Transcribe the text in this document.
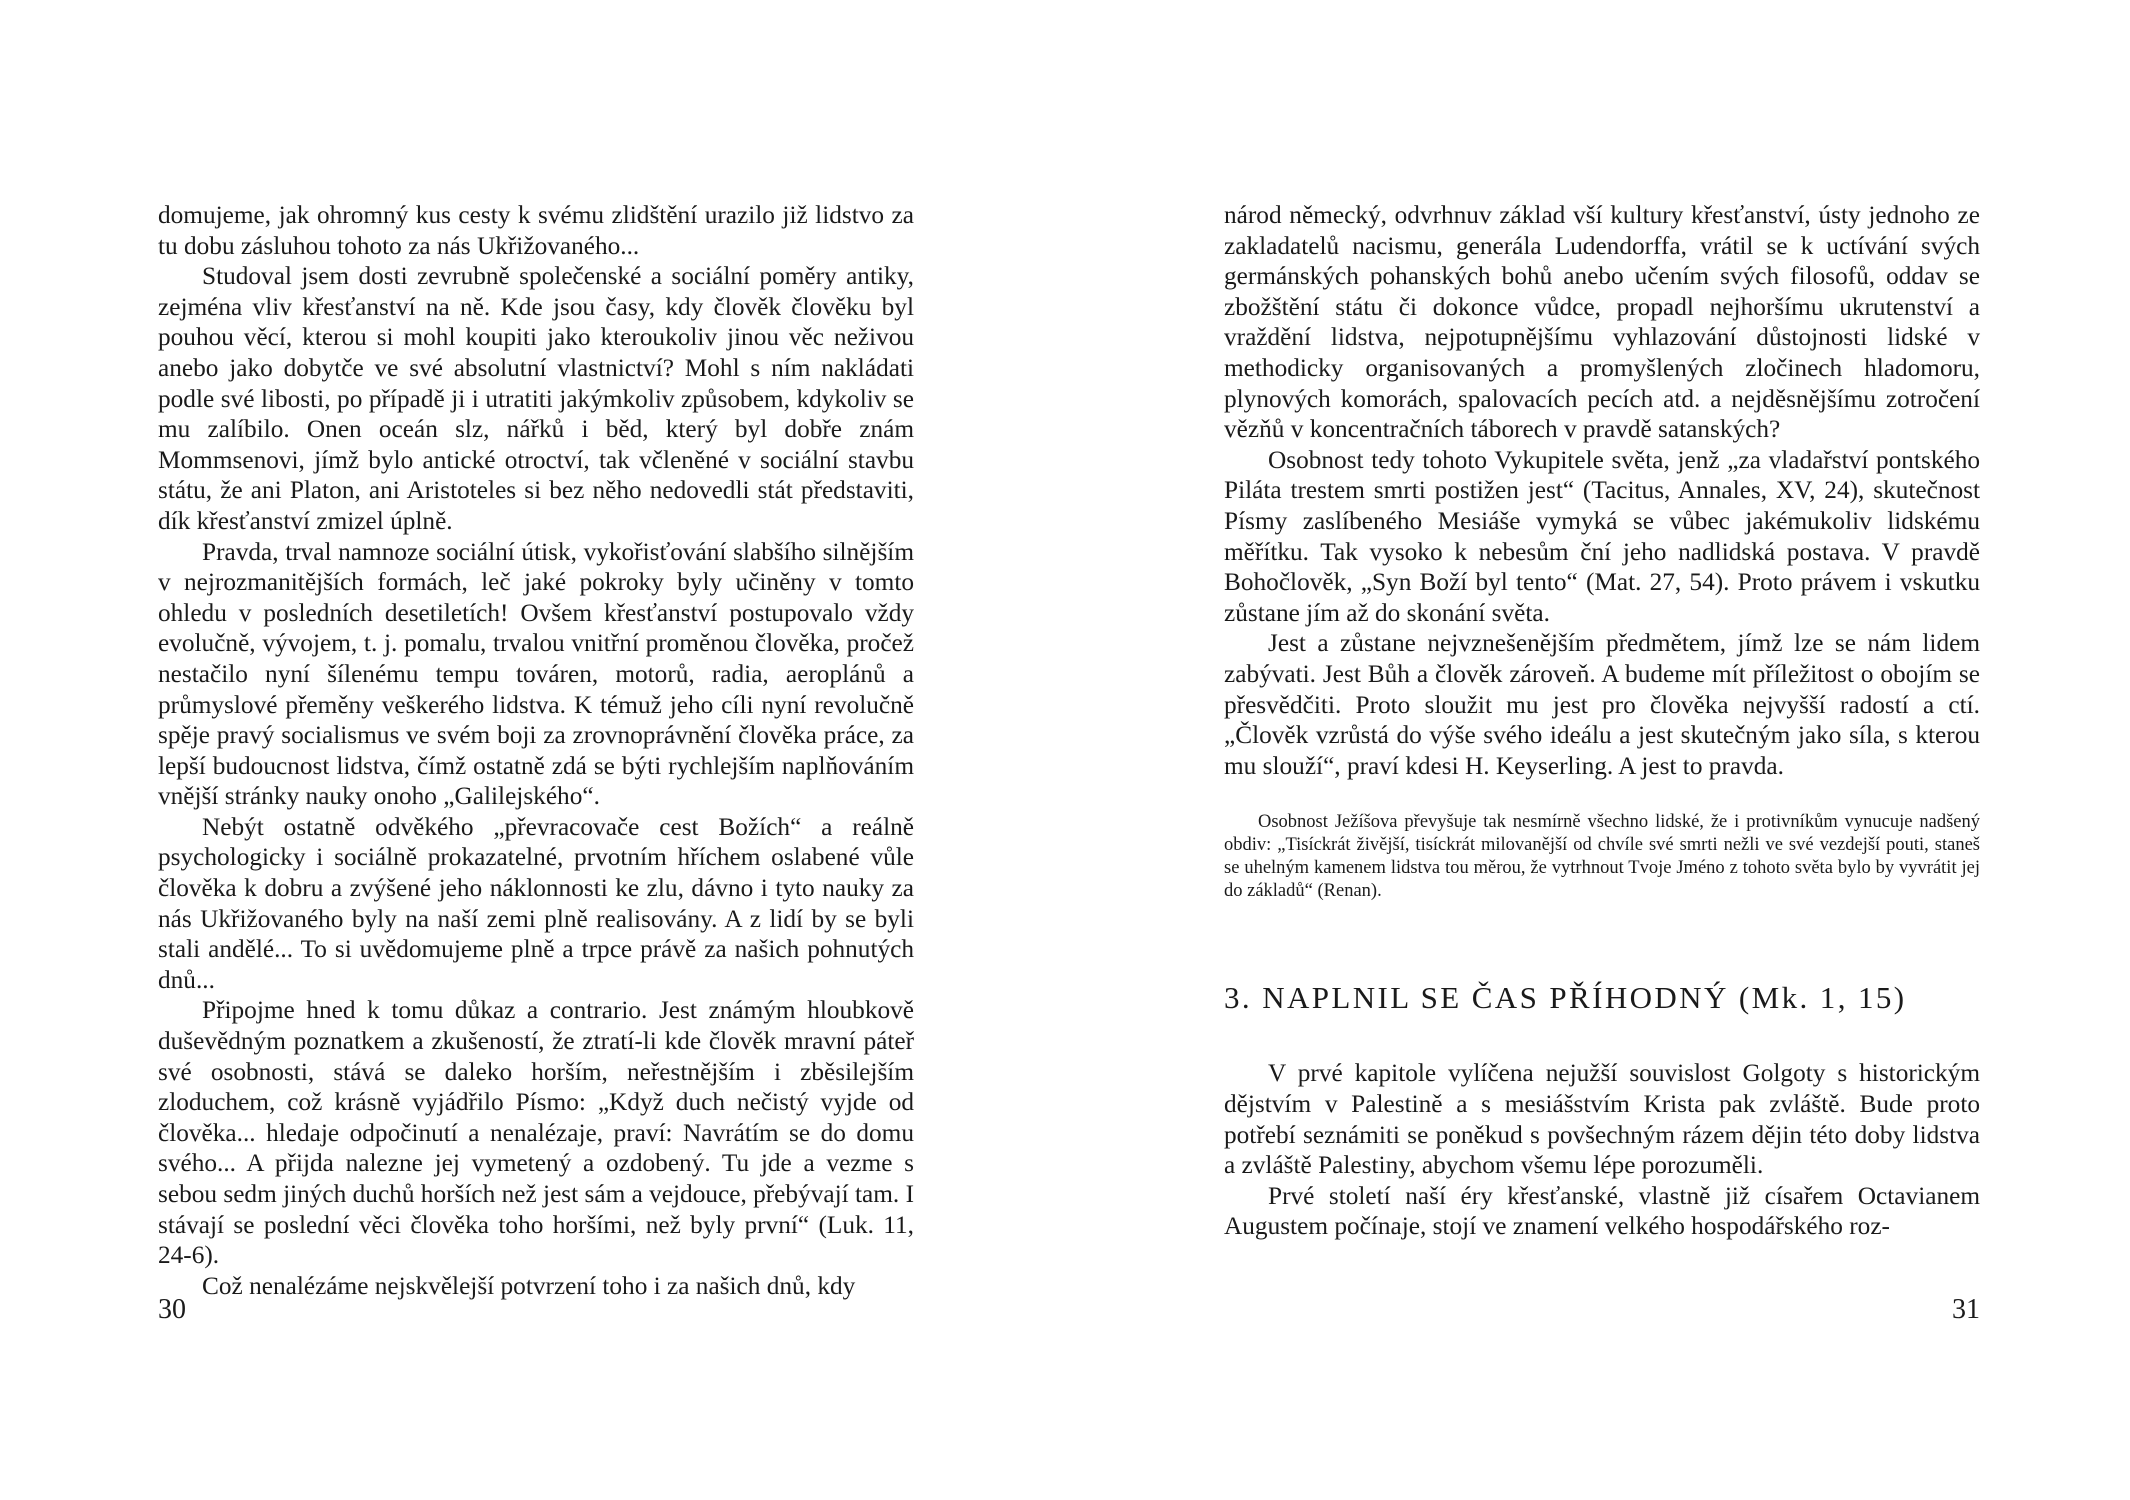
domujeme, jak ohromný kus cesty k svému zlidštění urazilo již lidstvo za tu dobu zásluhou tohoto za nás Ukřižovaného...

Studoval jsem dosti zevrubně společenské a sociální poměry antiky, zejména vliv křesťanství na ně. Kde jsou časy, kdy člověk člověku byl pouhou věcí, kterou si mohl koupiti jako kteroukoliv jinou věc neživou anebo jako dobytče ve své absolutní vlastnictví? Mohl s ním nakládati podle své libosti, po případě ji i utratiti jakýmkoliv způsobem, kdykoliv se mu zalíbilo. Onen oceán slz, nářků i běd, který byl dobře znám Mommsenovi, jímž bylo antické otroctví, tak včleněné v sociální stavbu státu, že ani Platon, ani Aristoteles si bez něho nedovedli stát představiti, dík křesťanství zmizel úplně.

Pravda, trval namnoze sociální útisk, vykořisťování slabšího silnějším v nejrozmanitějších formách, leč jaké pokroky byly učiněny v tomto ohledu v posledních desetiletích! Ovšem křesťanství postupovalo vždy evolučně, vývojem, t. j. pomalu, trvalou vnitřní proměnou člověka, pročež nestačilo nyní šílenému tempu továren, motorů, radia, aeroplánů a průmyslové přeměny veškerého lidstva. K témuž jeho cíli nyní revolučně spěje pravý socialismus ve svém boji za zrovnoprávnění člověka práce, za lepší budoucnost lidstva, čímž ostatně zdá se býti rychlejším naplňováním vnější stránky nauky onoho „Galilejského“.

Nebýt ostatně odvěkého „převracovače cest Božích“ a reálně psychologicky i sociálně prokazatelné, prvotním hříchem oslabené vůle člověka k dobru a zvýšené jeho náklonnosti ke zlu, dávno i tyto nauky za nás Ukřižovaného byly na naší zemi plně realisovány. A z lidí by se byli stali andělé... To si uvědomujeme plně a trpce právě za našich pohnutých dnů...

Připojme hned k tomu důkaz a contrario. Jest známým hloubkově duševědným poznatkem a zkušeností, že ztratí-li kde člověk mravní páteř své osobnosti, stává se daleko horším, neřestnějším i zběsilejším zloduchem, což krásně vyjádřilo Písmo: „Když duch nečistý vyjde od člověka... hledaje odpočinutí a nenalézaje, praví: Navrátím se do domu svého... A přijda nalezne jej vymetený a ozdobený. Tu jde a vezme s sebou sedm jiných duchů horších než jest sám a vejdouce, přebývají tam. I stávají se poslední věci člověka toho horšími, než byly první“ (Luk. 11, 24-6).

Což nenalézáme nejskvělejší potvrzení toho i za našich dnů, kdy

30

národ německý, odvrhnuv základ vší kultury křesťanství, ústy jednoho ze zakladatelů nacismu, generála Ludendorffa, vrátil se k uctívání svých germánských pohanských bohů anebo učením svých filosofů, oddav se zbožštění státu či dokonce vůdce, propadl nejhoršímu ukrutenství a vraždění lidstva, nejpotupnějšímu vyhlazování důstojnosti lidské v methodicky organisovaných a promyšlených zločinech hladomoru, plynových komorách, spalovacích pecích atd. a nejděsnějšímu zotročení vězňů v koncentračních táborech v pravdě satanských?

Osobnost tedy tohoto Vykupitele světa, jenž „za vladařství pontského Piláta trestem smrti postižen jest“ (Tacitus, Annales, XV, 24), skutečnost Písmy zaslíbeného Mesiáše vymyká se vůbec jakémukoliv lidskému měřítku. Tak vysoko k nebesům ční jeho nadlidská postava. V pravdě Bohočlověk, „Syn Boží byl tento“ (Mat. 27, 54). Proto právem i vskutku zůstane jím až do skonání světa.

Jest a zůstane nejvznešenějším předmětem, jímž lze se nám lidem zabývati. Jest Bůh a člověk zároveň. A budeme mít příležitost o obojím se přesvědčiti. Proto sloužit mu jest pro člověka nejvyšší radostí a ctí. „Člověk vzrůstá do výše svého ideálu a jest skutečným jako síla, s kterou mu slouží“, praví kdesi H. Keyserling. A jest to pravda.

Osobnost Ježíšova převyšuje tak nesmírně všechno lidské, že i protivníkům vynucuje nadšený obdiv: „Tisíckrát živější, tisíckrát milovanější od chvíle své smrti nežli ve své vezdejší pouti, staneš se uhelným kamenem lidstva tou měrou, že vytrhnout Tvoje Jméno z tohoto světa bylo by vyvrátit jej do základů“ (Renan).

3. NAPLNIL SE ČAS PŘÍHODNÝ (Mk. 1, 15)

V prvé kapitole vylíčena nejužší souvislost Golgoty s historickým dějstvím v Palestině a s mesiášstvím Krista pak zvláště. Bude proto potřebí seznámiti se poněkud s povšechným rázem dějin této doby lidstva a zvláště Palestiny, abychom všemu lépe porozuměli.

Prvé století naší éry křesťanské, vlastně již císařem Octavianem Augustem počínaje, stojí ve znamení velkého hospodářského roz-

31
